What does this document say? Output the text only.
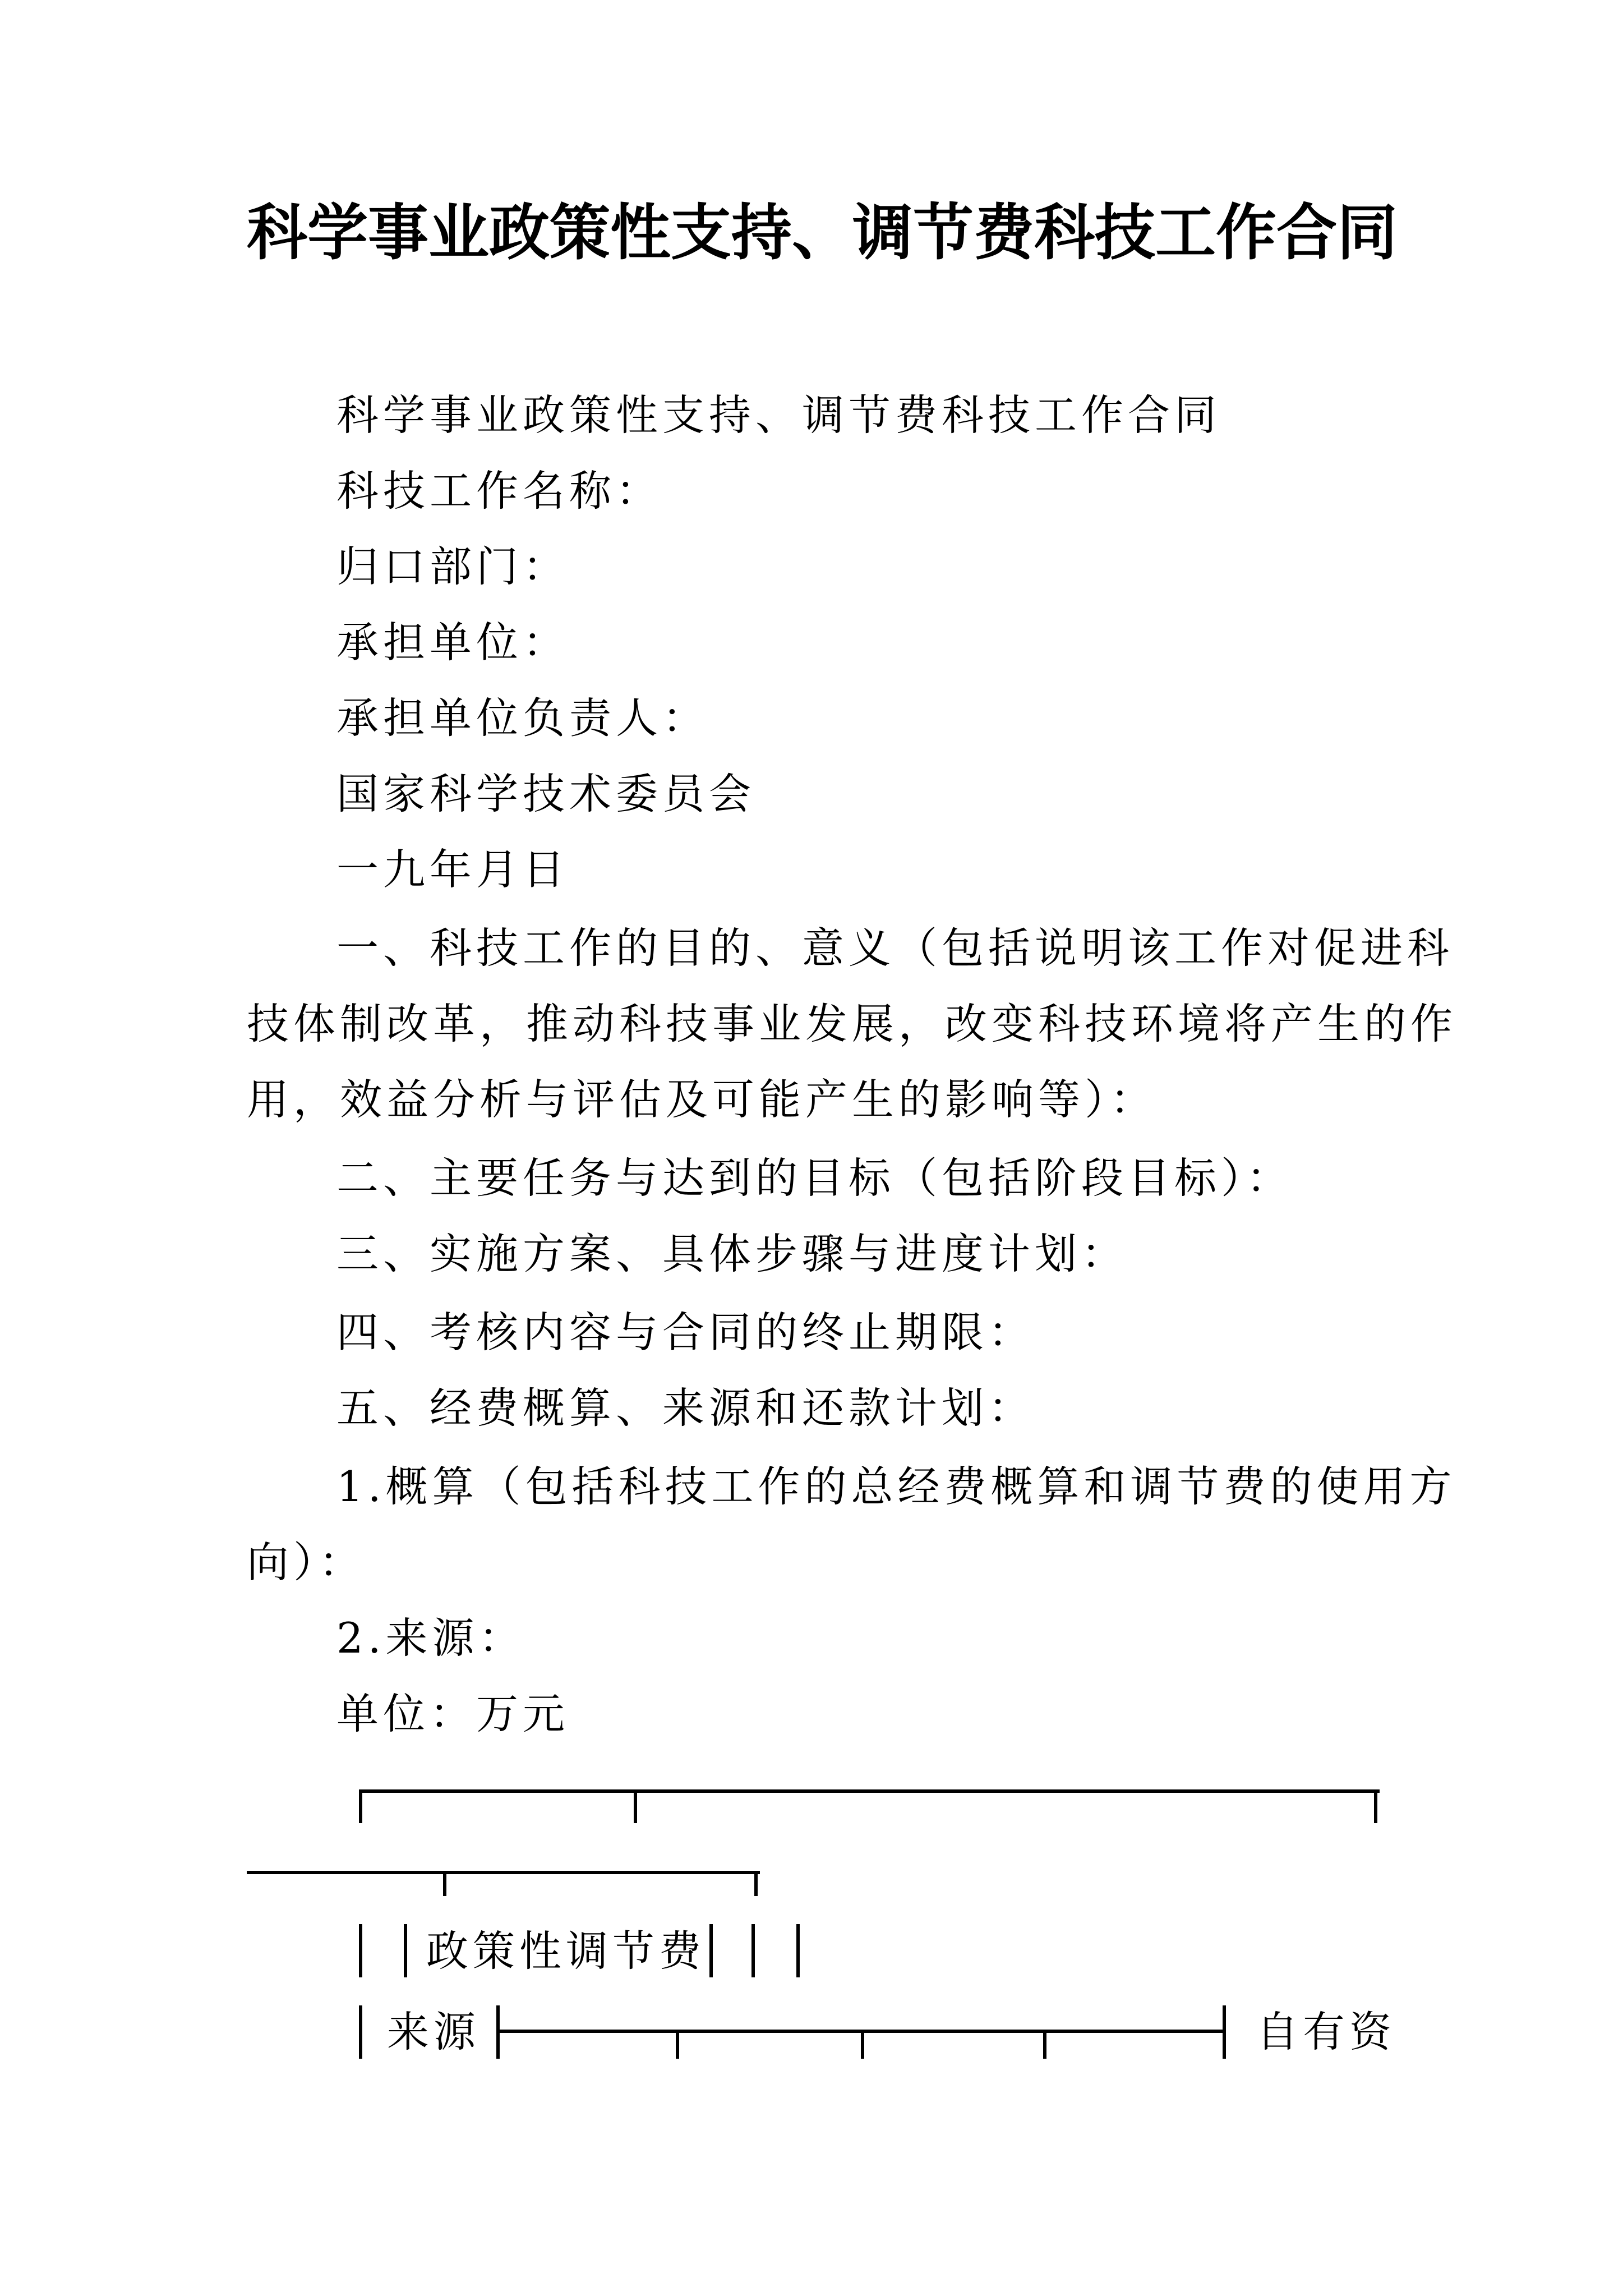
科学事业政策性支持、调节费科技工作合同
科学事业政策性支持、调节费科技工作合同
科技工作名称：
归口部门：
承担单位：
承担单位负责人：
国家科学技术委员会
一九年月日
一、科技工作的目的、意义（包括说明该工作对促进科
技体制改革，推动科技事业发展，改变科技环境将产生的作
用，效益分析与评估及可能产生的影响等）：
二、主要任务与达到的目标（包括阶段目标）：
三、实施方案、具体步骤与进度计划：
四、考核内容与合同的终止期限：
五、经费概算、来源和还款计划：
1.概算（包括科技工作的总经费概算和调节费的使用方
向）：
2.来源：
单位：万元
政策性调节费
来源	自有资
